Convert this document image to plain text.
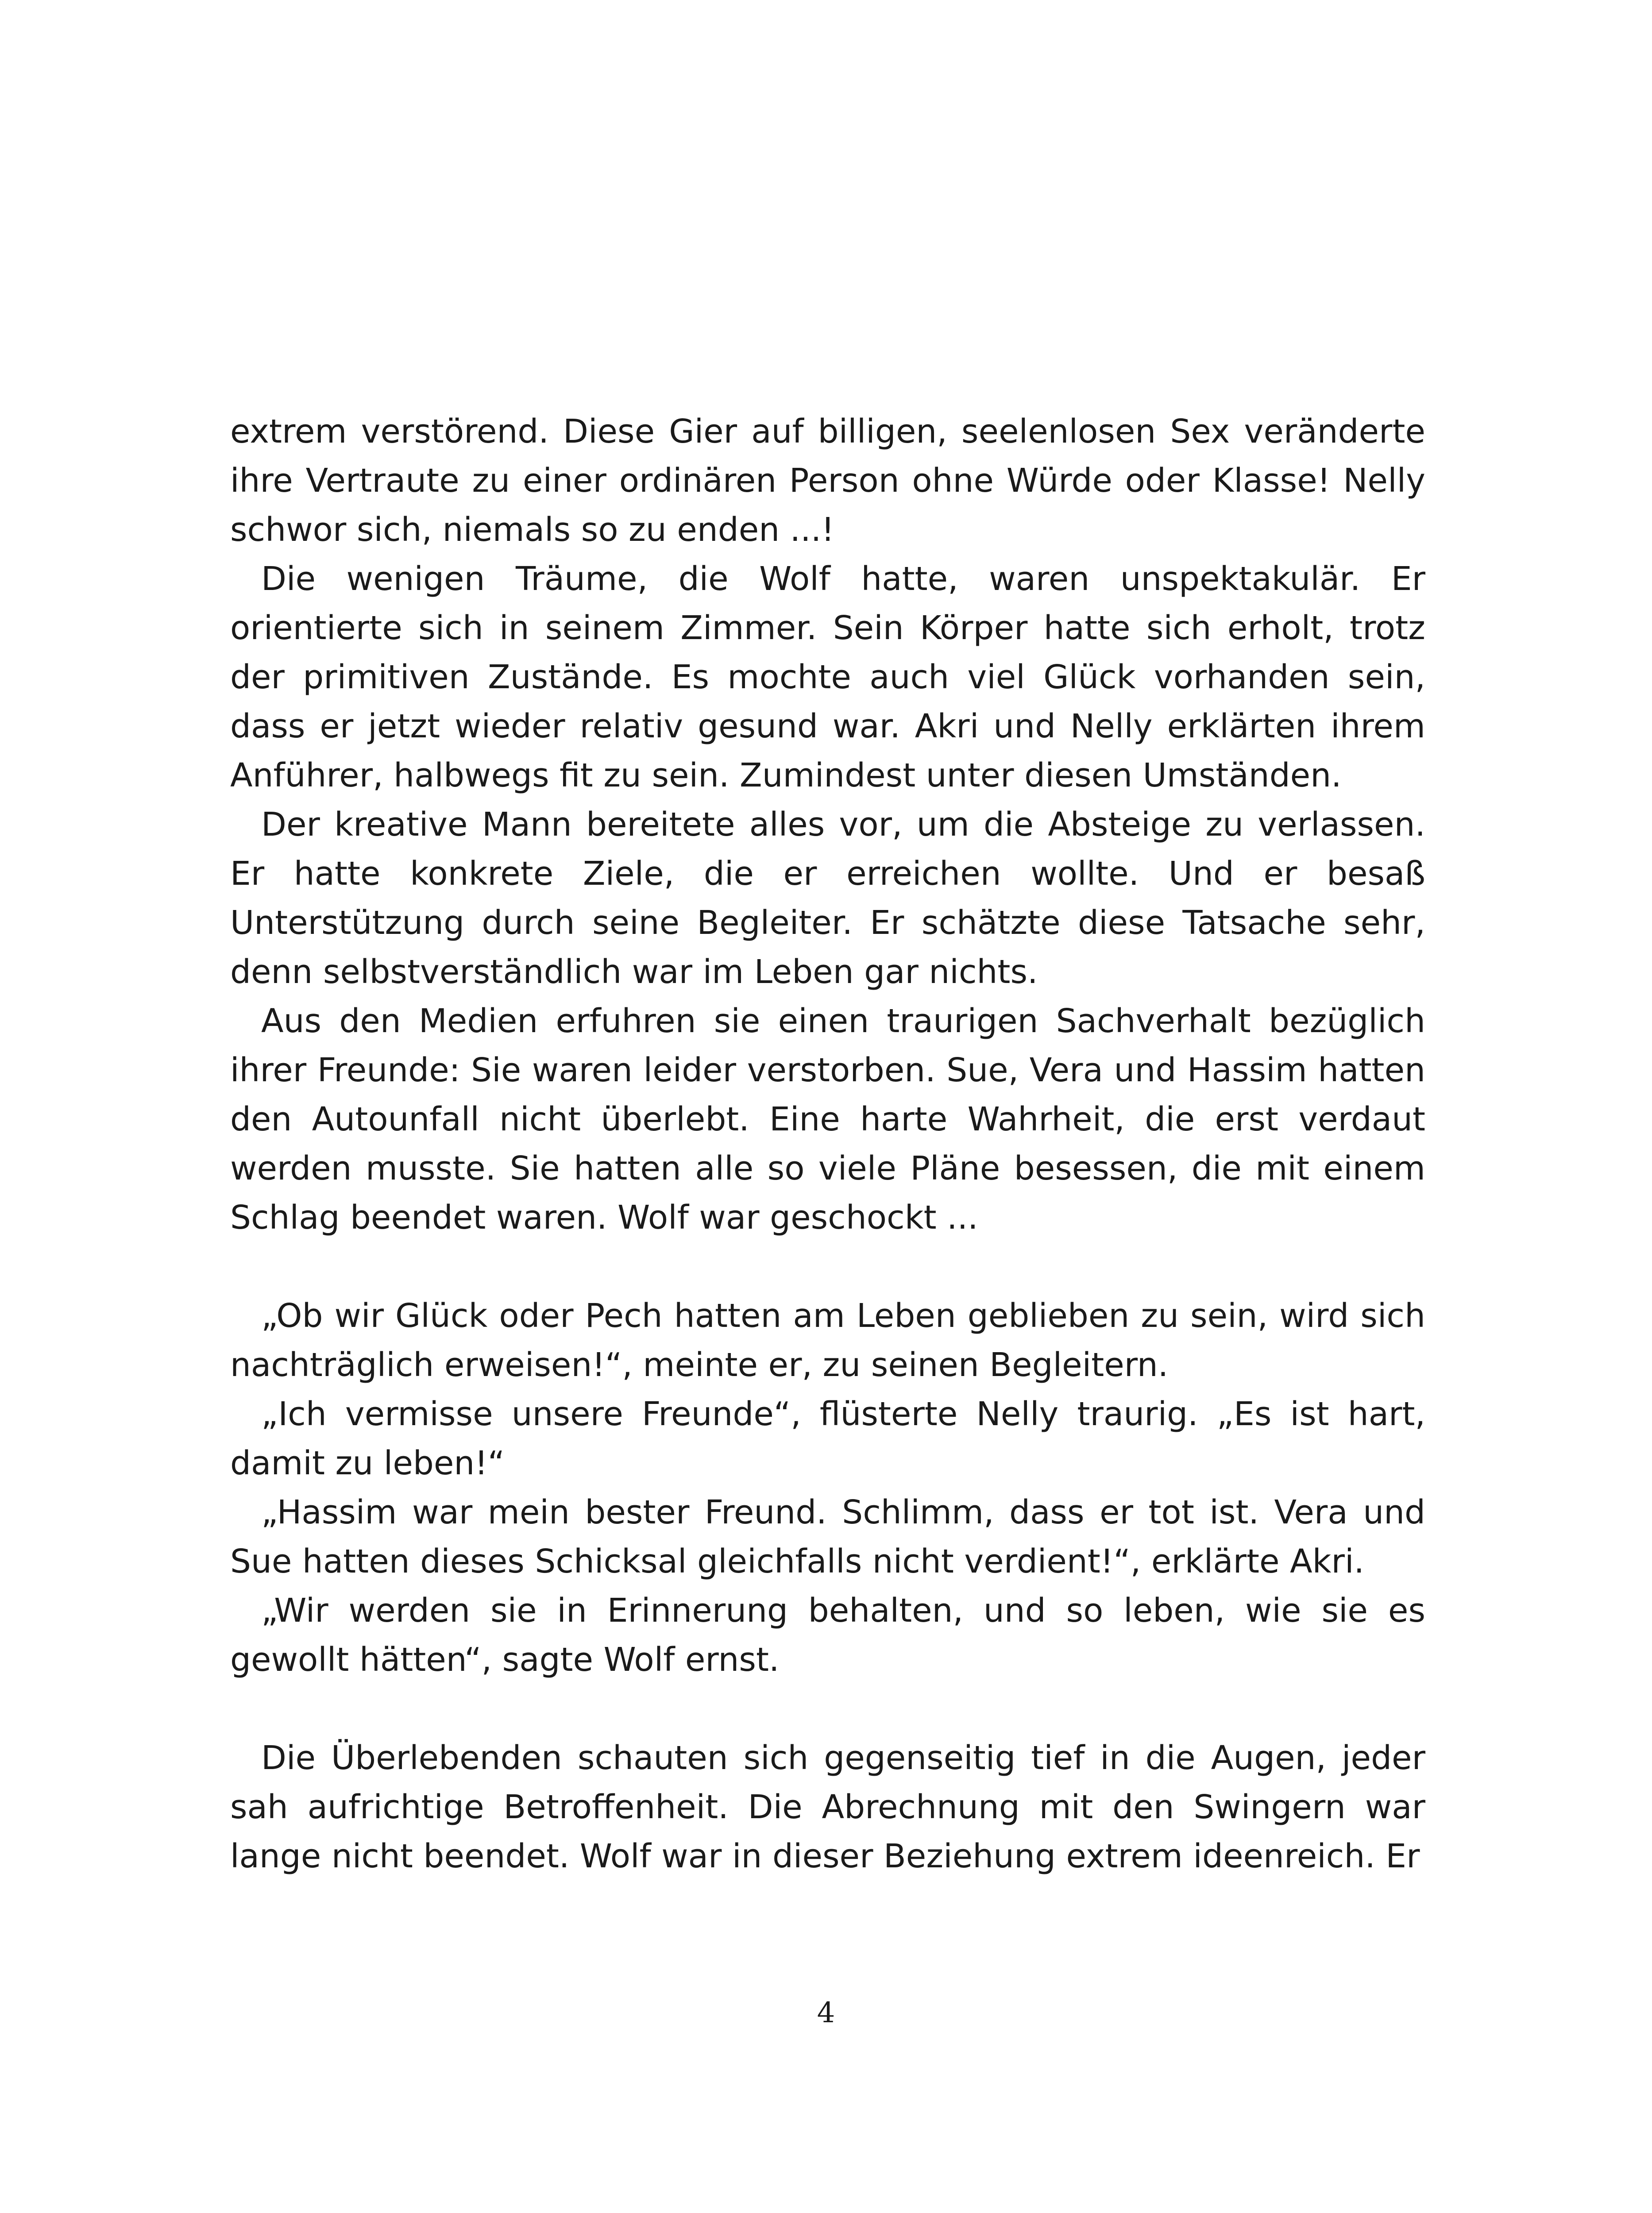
extrem verstörend. Diese Gier auf billigen, seelenlosen Sex veränderte ihre Vertraute zu einer ordinären Person ohne Würde oder Klasse! Nelly schwor sich, niemals so zu enden ...!

Die wenigen Träume, die Wolf hatte, waren unspektakulär. Er orientierte sich in seinem Zimmer. Sein Körper hatte sich erholt, trotz der primitiven Zustände. Es mochte auch viel Glück vorhanden sein, dass er jetzt wieder relativ gesund war. Akri und Nelly erklärten ihrem Anführer, halbwegs fit zu sein. Zumindest unter diesen Umständen.

Der kreative Mann bereitete alles vor, um die Absteige zu verlassen. Er hatte konkrete Ziele, die er erreichen wollte. Und er besaß Unterstützung durch seine Begleiter. Er schätzte diese Tatsache sehr, denn selbstverständlich war im Leben gar nichts.

Aus den Medien erfuhren sie einen traurigen Sachverhalt bezüglich ihrer Freunde: Sie waren leider verstorben. Sue, Vera und Hassim hatten den Autounfall nicht überlebt. Eine harte Wahrheit, die erst verdaut werden musste. Sie hatten alle so viele Pläne besessen, die mit einem Schlag beendet waren. Wolf war geschockt ...

„Ob wir Glück oder Pech hatten am Leben geblieben zu sein, wird sich nachträglich erweisen!“, meinte er, zu seinen Begleitern.

„Ich vermisse unsere Freunde“, flüsterte Nelly traurig. „Es ist hart, damit zu leben!“

„Hassim war mein bester Freund. Schlimm, dass er tot ist. Vera und Sue hatten dieses Schicksal gleichfalls nicht verdient!“, erklärte Akri.

„Wir werden sie in Erinnerung behalten, und so leben, wie sie es gewollt hätten“, sagte Wolf ernst.

Die Überlebenden schauten sich gegenseitig tief in die Augen, jeder sah aufrichtige Betroffenheit. Die Abrechnung mit den Swingern war lange nicht beendet. Wolf war in dieser Beziehung extrem ideenreich. Er

4
